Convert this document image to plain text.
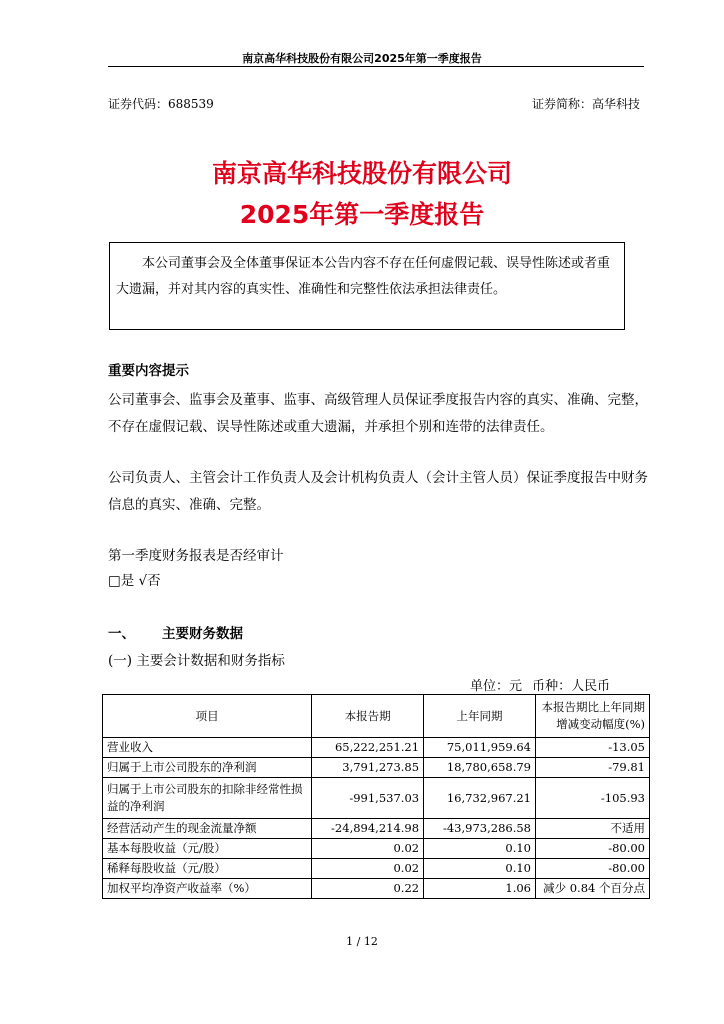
南京高华科技股份有限公司2025年第一季度报告
证券代码：688539	证券简称：高华科技
南京高华科技股份有限公司
2025年第一季度报告
本公司董事会及全体董事保证本公告内容不存在任何虚假记载、误导性陈述或者重大遗漏，并对其内容的真实性、准确性和完整性依法承担法律责任。
重要内容提示
公司董事会、监事会及董事、监事、高级管理人员保证季度报告内容的真实、准确、完整，不存在虚假记载、误导性陈述或重大遗漏，并承担个别和连带的法律责任。
公司负责人、主管会计工作负责人及会计机构负责人（会计主管人员）保证季度报告中财务信息的真实、准确、完整。
第一季度财务报表是否经审计
□是 √否
一、 主要财务数据
(一) 主要会计数据和财务指标
单位：元 币种：人民币
项目	本报告期	上年同期	本报告期比上年同期增减变动幅度(%)
营业收入	65,222,251.21	75,011,959.64	-13.05
归属于上市公司股东的净利润	3,791,273.85	18,780,658.79	-79.81
归属于上市公司股东的扣除非经常性损益的净利润	-991,537.03	16,732,967.21	-105.93
经营活动产生的现金流量净额	-24,894,214.98	-43,973,286.58	不适用
基本每股收益（元/股）	0.02	0.10	-80.00
稀释每股收益（元/股）	0.02	0.10	-80.00
加权平均净资产收益率（%）	0.22	1.06	减少 0.84 个百分点
1 / 12
